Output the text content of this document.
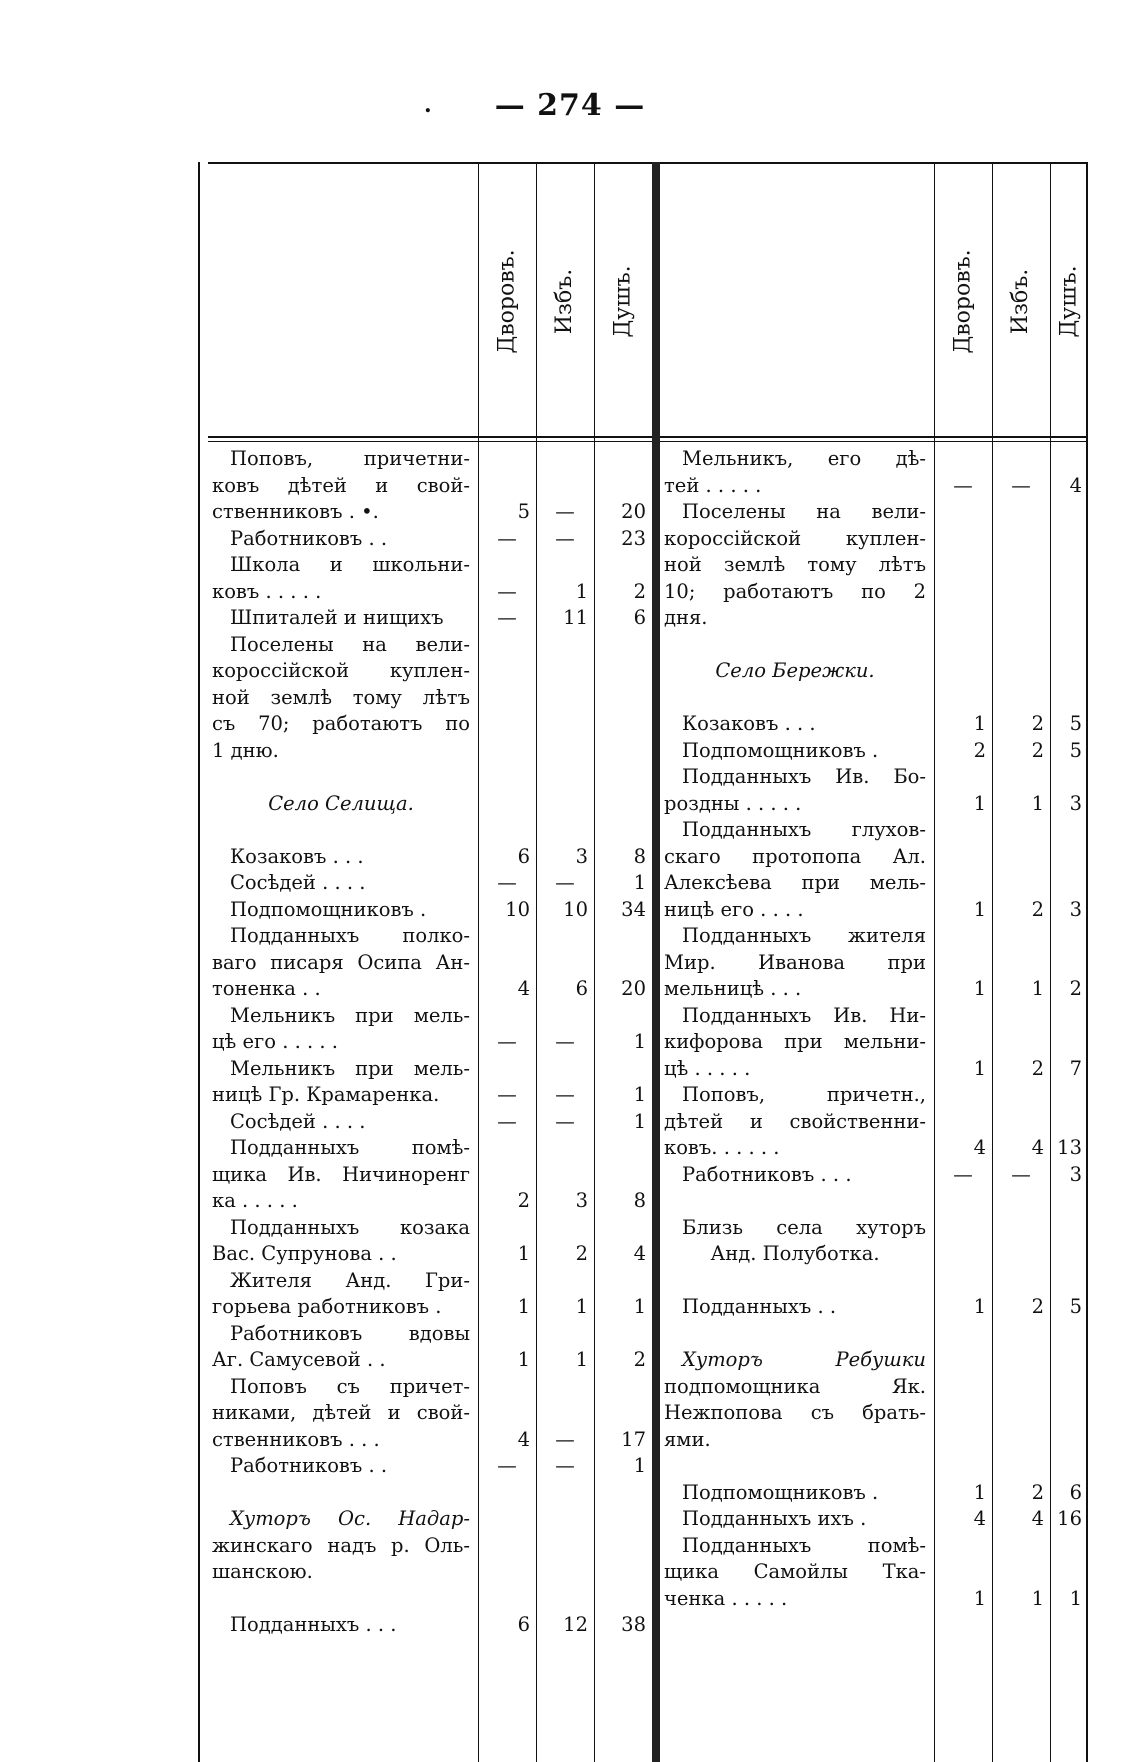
— 274 —
.
Дворовъ. Избъ. Душъ.	Дворовъ. Избъ. Душъ.
Поповъ, причетни-
ковъ дѣтей и свой-
ственниковъ . •.	5	—	20
Работниковъ . .	—	—	23
Школа и школьни-
ковъ . . . . .	—	1	2
Шпиталей и нищихъ	—	11	6
Поселены на вели-
короссійской куплен-
ной землѣ тому лѣтъ
съ 70; работаютъ по
1 дню.
Село Селища.
Козаковъ . . .	6	3	8
Сосѣдей . . . .	—	—	1
Подпомощниковъ .	10	10	34
Подданныхъ полко-
ваго писаря Осипа Ан-
тоненка . .	4	6	20
Мельникъ при мель-
цѣ его . . . . .	—	—	1
Мельникъ при мель-
ницѣ Гр. Крамаренка.	—	—	1
Сосѣдей . . . .	—	—	1
Подданныхъ помѣ-
щика Ив. Ничиноренг
ка . . . . .	2	3	8
Подданныхъ козака
Вас. Супрунова . .	1	2	4
Жителя Анд. Гри-
горьева работниковъ .	1	1	1
Работниковъ вдовы
Аг. Самусевой . .	1	1	2
Поповъ съ причет-
никами, дѣтей и свой-
ственниковъ . . .	4	—	17
Работниковъ . .	—	—	1
Хуторъ Ос. Надар-
жинскаго надъ р. Оль-
шанскою.
Подданныхъ . . .	6	12	38
Мельникъ, его дѣ-
тей . . . . .	—	—	4
Поселены на вели-
короссійской куплен-
ной землѣ тому лѣтъ
10; работаютъ по 2
дня.
Село Бережки.
Козаковъ . . .	1	2	5
Подпомощниковъ .	2	2	5
Подданныхъ Ив. Бо-
роздны . . . . .	1	1	3
Подданныхъ глухов-
скаго протопопа Ал.
Алексѣева при мель-
ницѣ его . . . .	1	2	3
Подданныхъ жителя
Мир. Иванова при
мельницѣ . . .	1	1	2
Подданныхъ Ив. Ни-
кифорова при мельни-
цѣ . . . . .	1	2	7
Поповъ, причетн.,
дѣтей и свойственни-
ковъ. . . . . .	4	4 13
Работниковъ . . .	—	—	3
Близь села хуторъ
Анд. Полуботка.
Подданныхъ . .	1	2	5
Хуторъ Ребушки
подпомощника Як.
Нежпопова съ брать-
ями.
Подпомощниковъ .	1	2	6
Подданныхъ ихъ .	4	4 16
Подданныхъ помѣ-
щика Самойлы Тка-
ченка . . . . .	1	1	1
